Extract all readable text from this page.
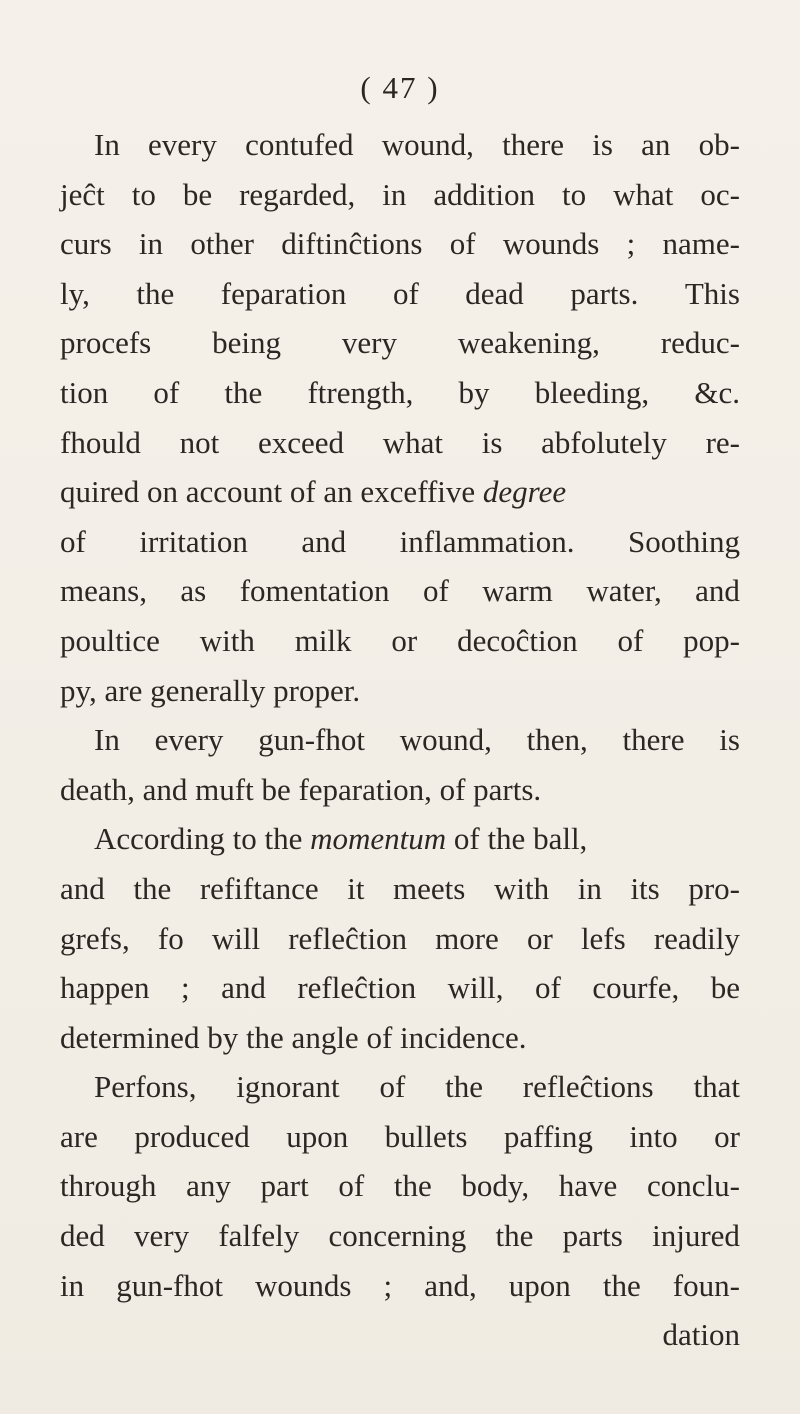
( 47 )
In every contufed wound, there is an ob-
jeĉt to be regarded, in addition to what oc-
curs in other diftinĉtions of wounds ; name-
ly, the feparation of dead parts. This
procefs being very weakening, reduc-
tion of the ftrength, by bleeding, &c.
fhould not exceed what is abfolutely re-
quired on account of an exceffive degree
of irritation and inflammation. Soothing
means, as fomentation of warm water, and
poultice with milk or decoĉtion of pop-
py, are generally proper.
In every gun-fhot wound, then, there is
death, and muft be feparation, of parts.
According to the momentum of the ball,
and the refiftance it meets with in its pro-
grefs, fo will refleĉtion more or lefs readily
happen ; and refleĉtion will, of courfe, be
determined by the angle of incidence.
Perfons, ignorant of the refleĉtions that
are produced upon bullets paffing into or
through any part of the body, have conclu-
ded very falfely concerning the parts injured
in gun-fhot wounds ; and, upon the foun-
dation
